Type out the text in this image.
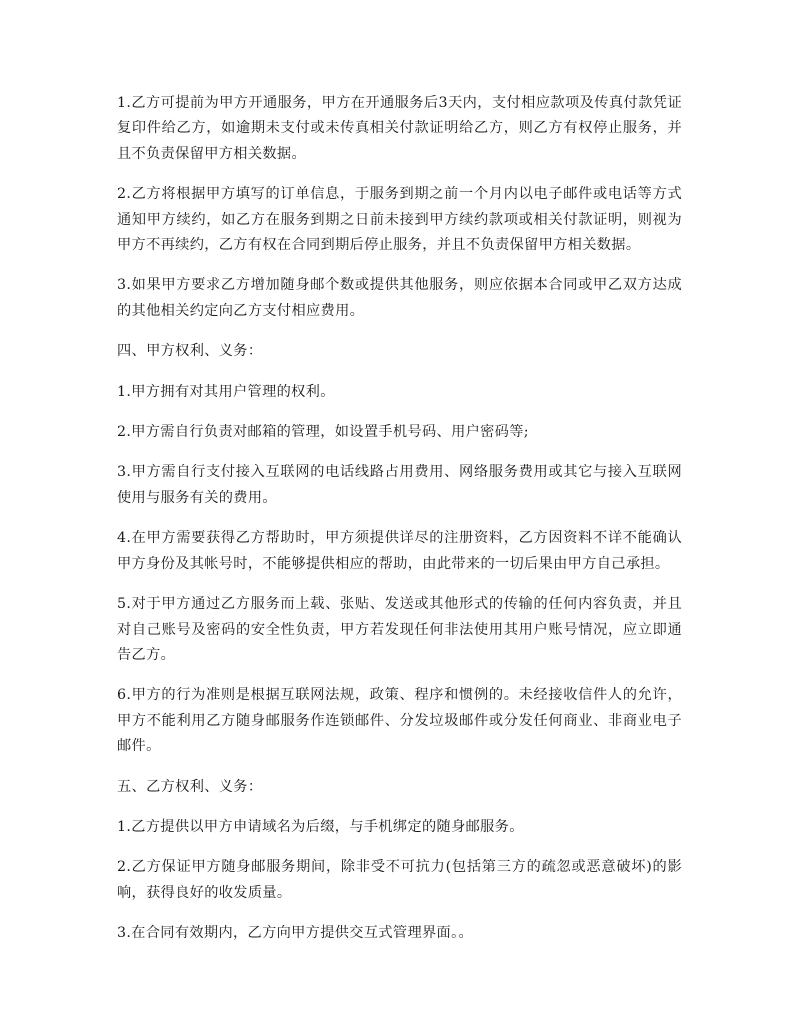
1.乙方可提前为甲方开通服务，甲方在开通服务后3天内，支付相应款项及传真付款凭证复印件给乙方，如逾期未支付或未传真相关付款证明给乙方，则乙方有权停止服务，并且不负责保留甲方相关数据。

2.乙方将根据甲方填写的订单信息，于服务到期之前一个月内以电子邮件或电话等方式通知甲方续约，如乙方在服务到期之日前未接到甲方续约款项或相关付款证明，则视为甲方不再续约，乙方有权在合同到期后停止服务，并且不负责保留甲方相关数据。

3.如果甲方要求乙方增加随身邮个数或提供其他服务，则应依据本合同或甲乙双方达成的其他相关约定向乙方支付相应费用。

四、甲方权利、义务：

1.甲方拥有对其用户管理的权利。

2.甲方需自行负责对邮箱的管理，如设置手机号码、用户密码等;

3.甲方需自行支付接入互联网的电话线路占用费用、网络服务费用或其它与接入互联网使用与服务有关的费用。

4.在甲方需要获得乙方帮助时，甲方须提供详尽的注册资料，乙方因资料不详不能确认甲方身份及其帐号时，不能够提供相应的帮助，由此带来的一切后果由甲方自己承担。

5.对于甲方通过乙方服务而上载、张贴、发送或其他形式的传输的任何内容负责，并且对自己账号及密码的安全性负责，甲方若发现任何非法使用其用户账号情况，应立即通告乙方。

6.甲方的行为准则是根据互联网法规，政策、程序和惯例的。未经接收信件人的允许，甲方不能利用乙方随身邮服务作连锁邮件、分发垃圾邮件或分发任何商业、非商业电子邮件。

五、乙方权利、义务：

1.乙方提供以甲方申请域名为后缀，与手机绑定的随身邮服务。

2.乙方保证甲方随身邮服务期间，除非受不可抗力(包括第三方的疏忽或恶意破坏)的影响，获得良好的收发质量。

3.在合同有效期内，乙方向甲方提供交互式管理界面。。
